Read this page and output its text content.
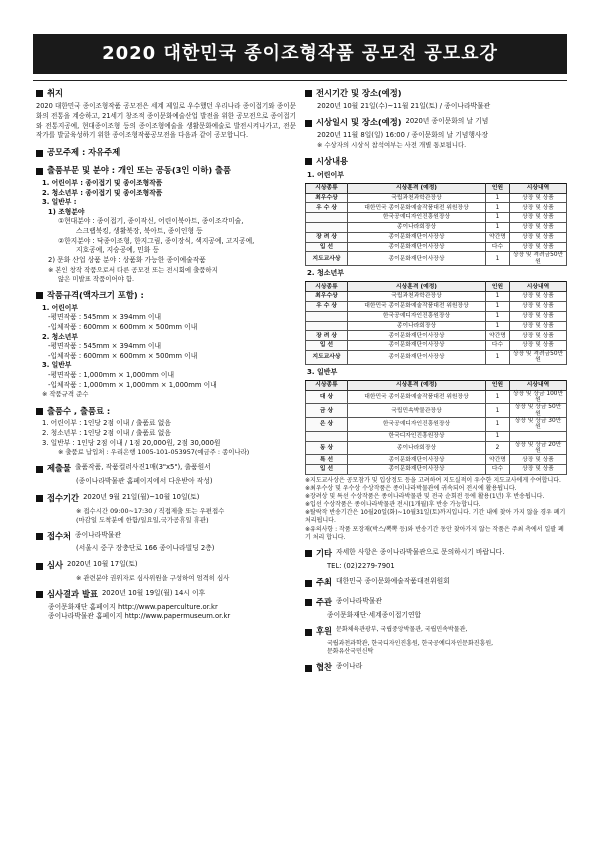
2020 대한민국 종이조형작품 공모전 공모요강
취지
2020 대한민국 종이조형작품 공모전은 세계 제일로 우수했던 우리나라 종이접기와 종이문화의 전통을 계승하고, 21세기 창조적 종이문화예술산업 발전을 위한 공모전으로 종이접기와 전통지공예, 현대종이조형 등의 종이조형예술을 생활문화예술로 발전시켜나가고, 전문작가를 발굴육성하기 위한 종이조형작품공모전을 다음과 같이 공모합니다.
공모주제 : 자유주제
출품부문 및 분야 : 개인 또는 공동(3인 이하) 출품
1. 어린이부 : 종이접기 및 종이조형작품
2. 청소년부 : 종이접기 및 종이조형작품
3. 일반부 :
1) 조형분야
①현대분야 : 종이접기, 종이작신, 어린이북아트, 종이조각미술,
스크랩북킹, 생활북장, 북아트, 종이인형 등
②한지분야 : 닥종이조형, 한지그림, 종이장식, 색지공예, 고지공예,
지호공예, 지승공예, 민화 등
2) 문화 산업 상품 분야 : 상품화 가능한 종이예술작품
※ 본인 창작 작품으로서 다른 공모전 또는 전시회에 출품하지
않은 미발표 작품이어야 함.
작품규격(액자크기 포함) :
1. 어린이부
-평면작품 : 545mm × 394mm 이내
-입체작품 : 600mm × 600mm × 500mm 이내
2. 청소년부
-평면작품 : 545mm × 394mm 이내
-입체작품 : 600mm × 600mm × 500mm 이내
3. 일반부
-평면작품 : 1,000mm × 1,000mm 이내
-입체작품 : 1,000mm × 1,000mm × 1,000mm 이내
※ 작품규격 준수
출품수 , 출품료 :
1. 어린이부 : 1인당 2점 이내 / 출품료 없음
2. 청소년부 : 1인당 2점 이내 / 출품료 없음
3. 일반부 : 1인당 2점 이내 / 1점 20,000원, 2점 30,000원
※ 출품료 납입처 : 우리은행 1005-101-053957(예금주 : 종이나라)
제출물 출품작품, 작품컬러사진1매(3"x5"), 출품원서
(종이나라박물관 홈페이지에서 다운받아 작성)
접수기간 2020년 9월 21일(월)~10월 10일(토)
※ 접수시간 09:00~17:30 / 직접제출 또는 우편접수
(마감일 도착분에 한함/일요일,국가공휴일 휴관)
접수처 종이나라박물관
(서울시 중구 장충단로 166 종이나라빌딩 2층)
심사 2020년 10월 17일(토)
※ 관련분야 권위자로 심사위원을 구성하여 엄격히 심사
심사결과 발표 2020년 10월 19일(월) 14시 이후
종이문화재단 홈페이지 http://www.paperculture.or.kr
종이나라박물관 홈페이지 http://www.papermuseum.or.kr
전시기간 및 장소(예정)
2020년 10월 21일(수)~11월 21일(토) / 종이나라박물관
시상일시 및 장소(예정) 2020년 종이문화의 날 기념
2020년 11월 8일(일) 16:00 / 종이문화의 날 기념행사장
※ 수상자의 시상식 참석여부는 사전 개별 통보됩니다.
시상내용
1. 어린이부
시상종류	시상훈격 (예정)	인원	시상내역
최우수상	국립과천과학관장상	1	상장 및 상품
우 수 상	대한민국 종이문화예술작품대전 위원장상	1	상장 및 상품
	한국공예디자인진흥원장상	1	상장 및 상품
	종이나라회장상	1	상장 및 상품
장 려 상	종이문화재단이사장상	약간명	상장 및 상품
입 선	종이문화재단이사장상	다수	상장 및 상품
지도교사상	종이문화재단이사장상	1	상장 및 격려금50만원
2. 청소년부
시상종류	시상훈격 (예정)	인원	시상내역
최우수상	국립과천과학관장상	1	상장 및 상품
우 수 상	대한민국 종이문화예술작품대전 위원장상	1	상장 및 상품
	한국공예디자인진흥원장상	1	상장 및 상품
	종이나라회장상	1	상장 및 상품
장 려 상	종이문화재단이사장상	약간명	상장 및 상품
입 선	종이문화재단이사장상	다수	상장 및 상품
지도교사상	종이문화재단이사장상	1	상장 및 격려금50만원
3. 일반부
시상종류	시상훈격 (예정)	인원	시상내역
대 상	대한민국 종이문화예술작품대전 위원장상	1	상장 및 상금 100만원
금 상	국립민속박물관장상	1	상장 및 상금 50만원
은 상	한국공예디자인진흥원장상	1	상장 및 상금 30만원
	한국디자인진흥원장상	1	
동 상	종이나라회장상	2	상장 및 상금 20만원
특 선	종이문화재단이사장상	약간명	상장 및 상품
입 선	종이문화재단이사장상	다수	상장 및 상품
※지도교사상은 공모참가 및 입상정도 등을 고려하여 지도실적이 우수한 지도교사에게 수여합니다.
※최우수상 및 우수상 수상작품은 종이나라박물관에 귀속되어 전시에 활용됩니다.
※장려상 및 특선 수상작품은 종이나라박물관 및 전국 순회전 등에 활용(1년) 후 반송됩니다.
※입선 수상작품은 종이나라박물관 전시(1개월)후 반송 가능합니다.
※탈락작 반송기간은 10월20일(화)~10월31일(토)까지입니다. 기간 내에 찾아 가지 않을 경우 폐기 처리됩니다.
※유의사항 : 작품 포장재(박스/뽁뽁 등)와 반송기간 동안 찾아가지 않는 작품은 주최 측에서 일괄 폐기 처리 합니다.
기타 자세한 사항은 종이나라박물관으로 문의하시기 바랍니다.
TEL: (02)2279-7901
주최 대한민국 종이문화예술작품대전위원회
주관 종이나라박물관
종이문화재단·세계종이접기연합
후원 문화체육관광부, 국립중앙박물관, 국립민속박물관,
국립과천과학관, 한국디자인진흥원, 한국공예디자인문화진흥원,
문화유산국민신탁
협찬 종이나라
